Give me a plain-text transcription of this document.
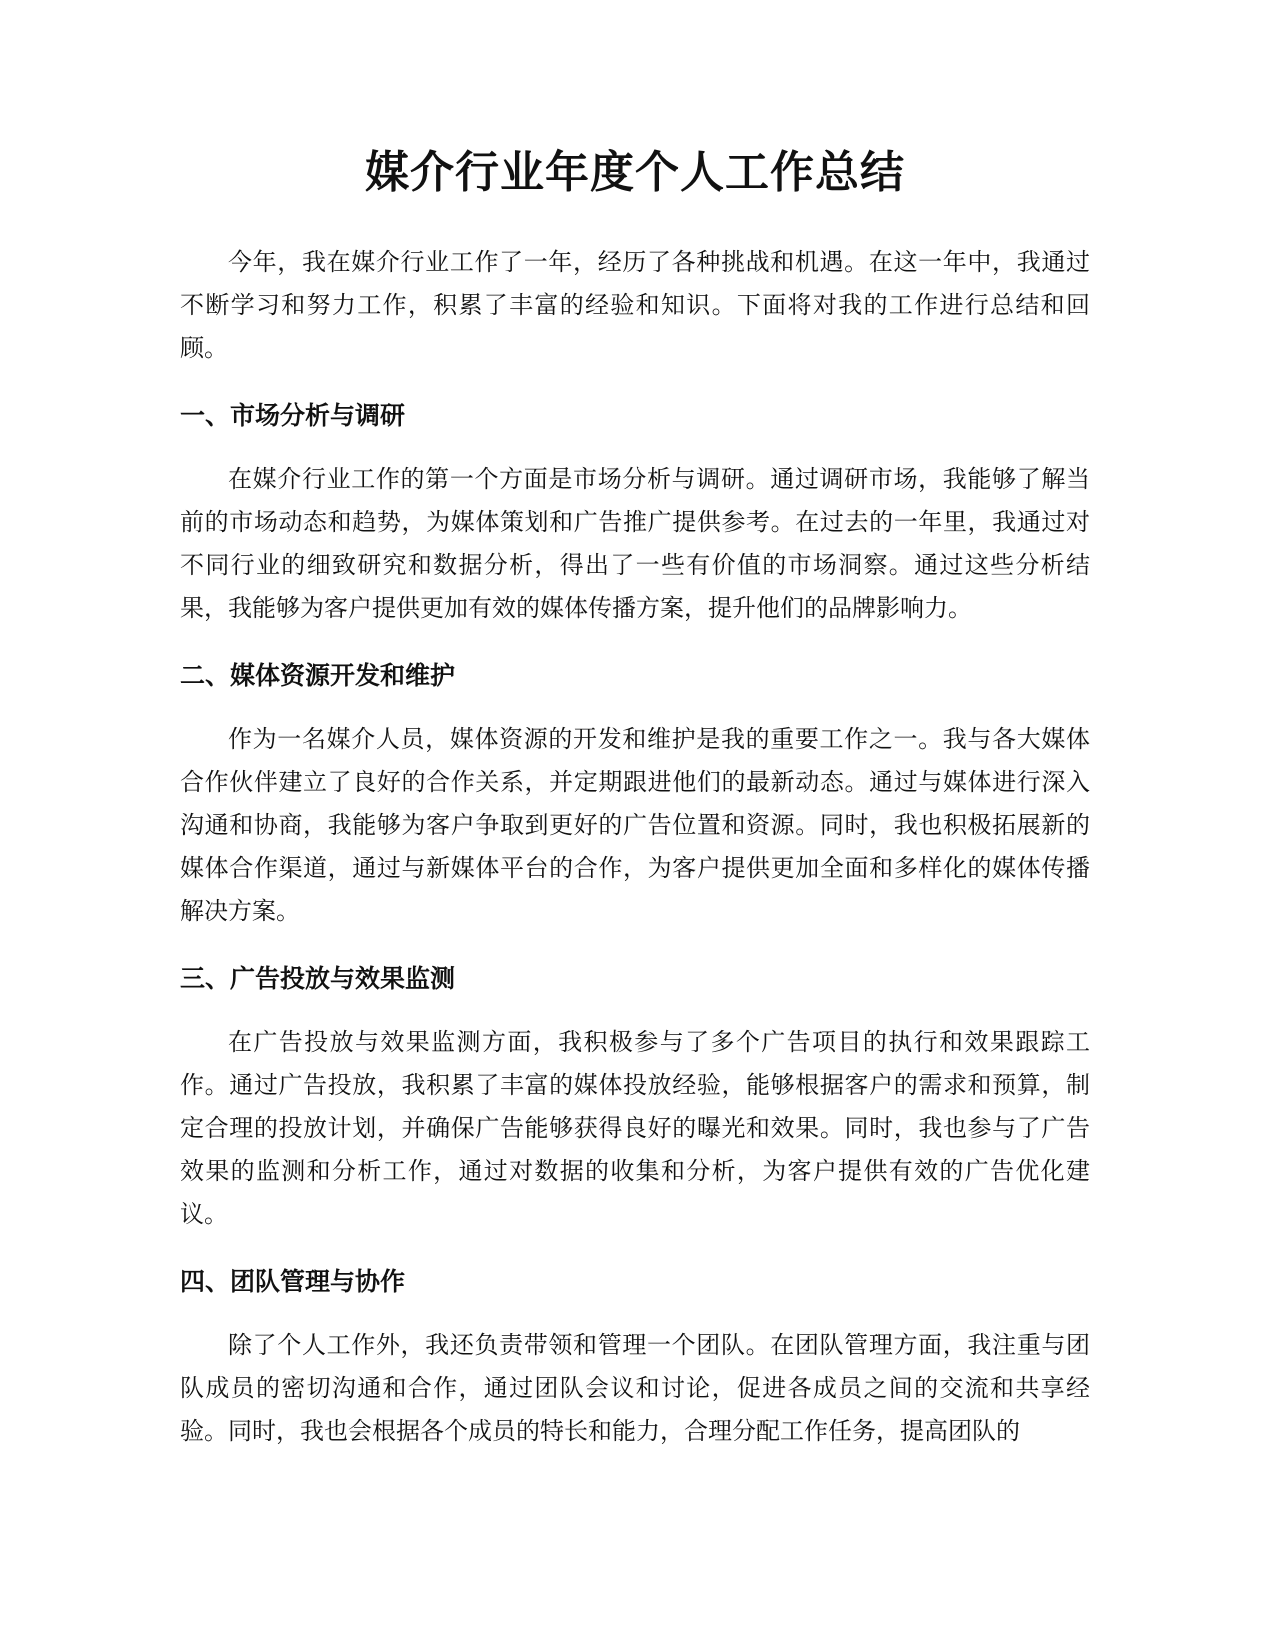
媒介行业年度个人工作总结

今年，我在媒介行业工作了一年，经历了各种挑战和机遇。在这一年中，我通过不断学习和努力工作，积累了丰富的经验和知识。下面将对我的工作进行总结和回顾。

一、市场分析与调研

在媒介行业工作的第一个方面是市场分析与调研。通过调研市场，我能够了解当前的市场动态和趋势，为媒体策划和广告推广提供参考。在过去的一年里，我通过对不同行业的细致研究和数据分析，得出了一些有价值的市场洞察。通过这些分析结果，我能够为客户提供更加有效的媒体传播方案，提升他们的品牌影响力。

二、媒体资源开发和维护

作为一名媒介人员，媒体资源的开发和维护是我的重要工作之一。我与各大媒体合作伙伴建立了良好的合作关系，并定期跟进他们的最新动态。通过与媒体进行深入沟通和协商，我能够为客户争取到更好的广告位置和资源。同时，我也积极拓展新的媒体合作渠道，通过与新媒体平台的合作，为客户提供更加全面和多样化的媒体传播解决方案。

三、广告投放与效果监测

在广告投放与效果监测方面，我积极参与了多个广告项目的执行和效果跟踪工作。通过广告投放，我积累了丰富的媒体投放经验，能够根据客户的需求和预算，制定合理的投放计划，并确保广告能够获得良好的曝光和效果。同时，我也参与了广告效果的监测和分析工作，通过对数据的收集和分析，为客户提供有效的广告优化建议。

四、团队管理与协作

除了个人工作外，我还负责带领和管理一个团队。在团队管理方面，我注重与团队成员的密切沟通和合作，通过团队会议和讨论，促进各成员之间的交流和共享经验。同时，我也会根据各个成员的特长和能力，合理分配工作任务，提高团队的
